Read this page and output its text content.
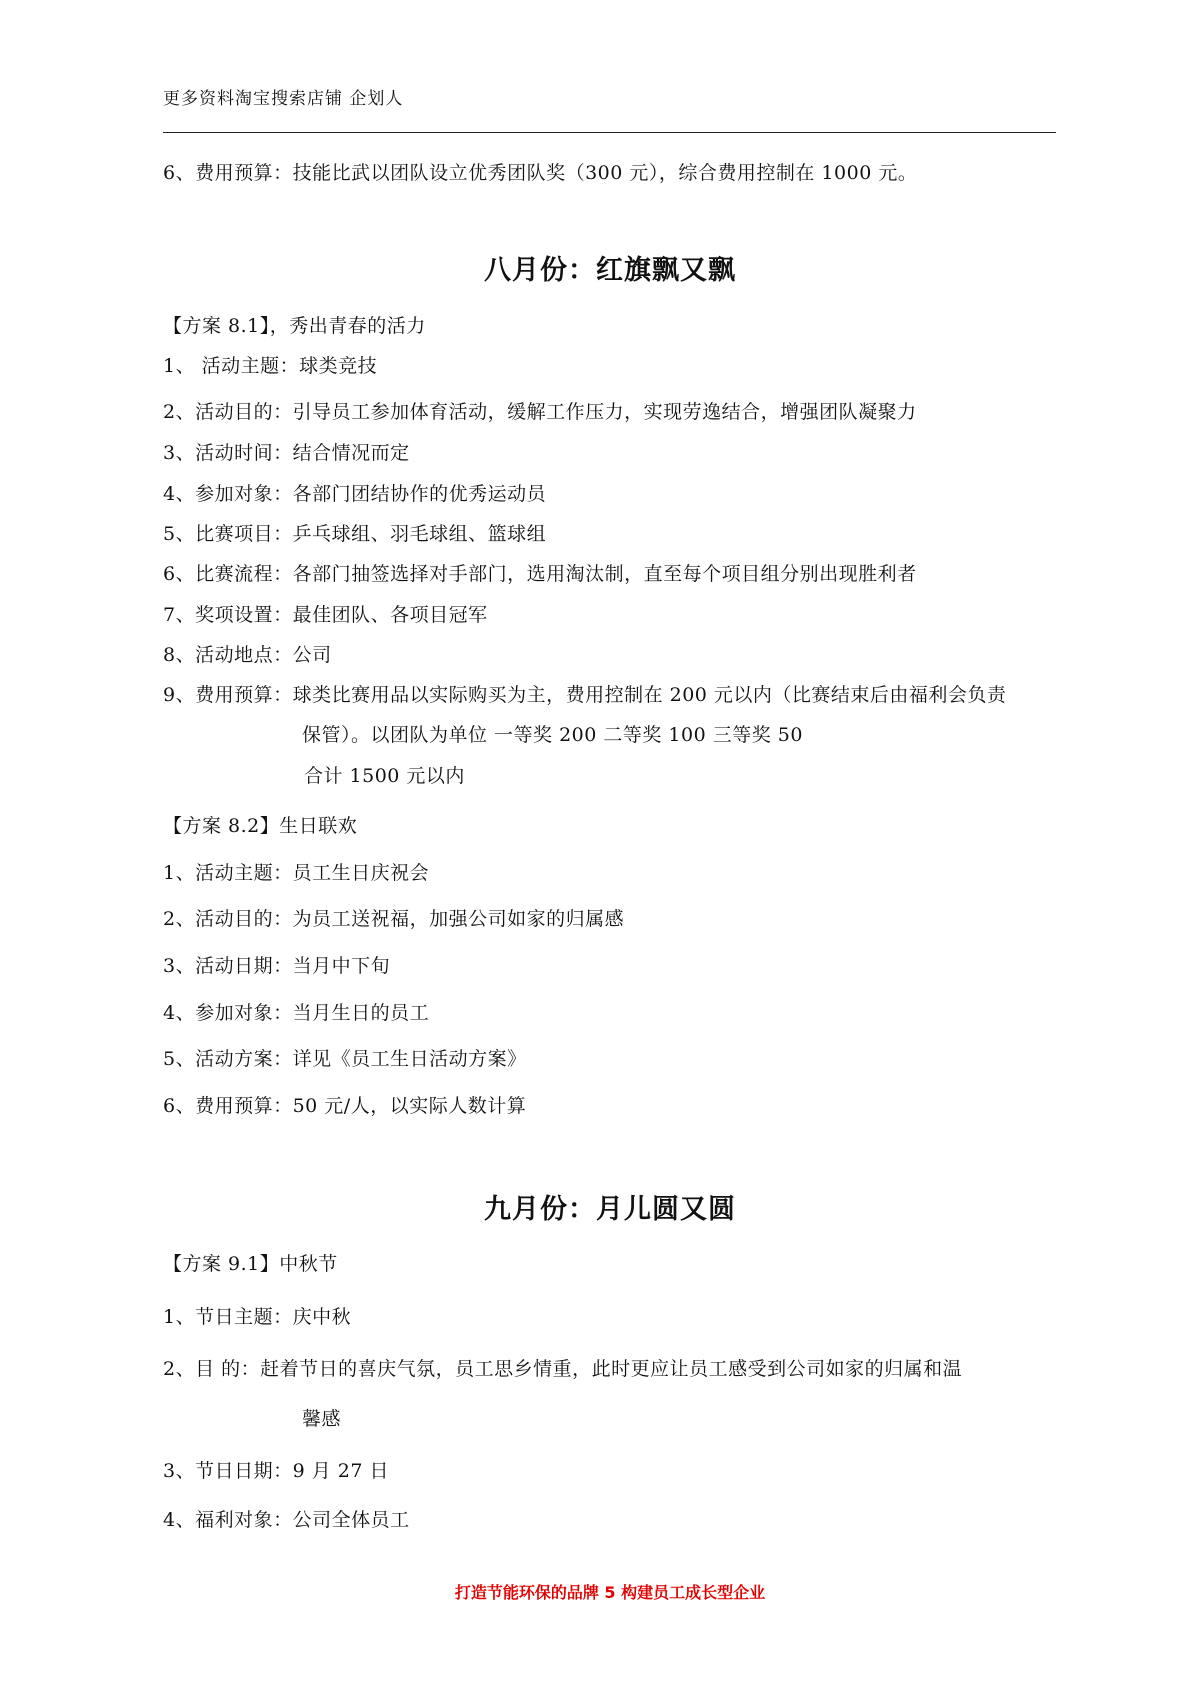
更多资料淘宝搜索店铺 企划人
6、费用预算：技能比武以团队设立优秀团队奖（300 元），综合费用控制在 1000 元。
八月份：红旗飘又飘
【方案 8.1】，秀出青春的活力
1、 活动主题：球类竞技
2、活动目的：引导员工参加体育活动，缓解工作压力，实现劳逸结合，增强团队凝聚力
3、活动时间：结合情况而定
4、参加对象：各部门团结协作的优秀运动员
5、比赛项目：乒乓球组、羽毛球组、篮球组
6、比赛流程：各部门抽签选择对手部门，选用淘汰制，直至每个项目组分别出现胜利者
7、奖项设置：最佳团队、各项目冠军
8、活动地点：公司
9、费用预算：球类比赛用品以实际购买为主，费用控制在 200 元以内（比赛结束后由福利会负责
保管）。以团队为单位 一等奖 200 二等奖 100 三等奖 50
合计 1500 元以内
【方案 8.2】生日联欢
1、活动主题：员工生日庆祝会
2、活动目的：为员工送祝福，加强公司如家的归属感
3、活动日期：当月中下旬
4、参加对象：当月生日的员工
5、活动方案：详见《员工生日活动方案》
6、费用预算：50 元/人，以实际人数计算
九月份：月儿圆又圆
【方案 9.1】中秋节
1、节日主题：庆中秋
2、目 的：赶着节日的喜庆气氛，员工思乡情重，此时更应让员工感受到公司如家的归属和温
馨感
3、节日日期：9 月 27 日
4、福利对象：公司全体员工
打造节能环保的品牌 5 构建员工成长型企业
